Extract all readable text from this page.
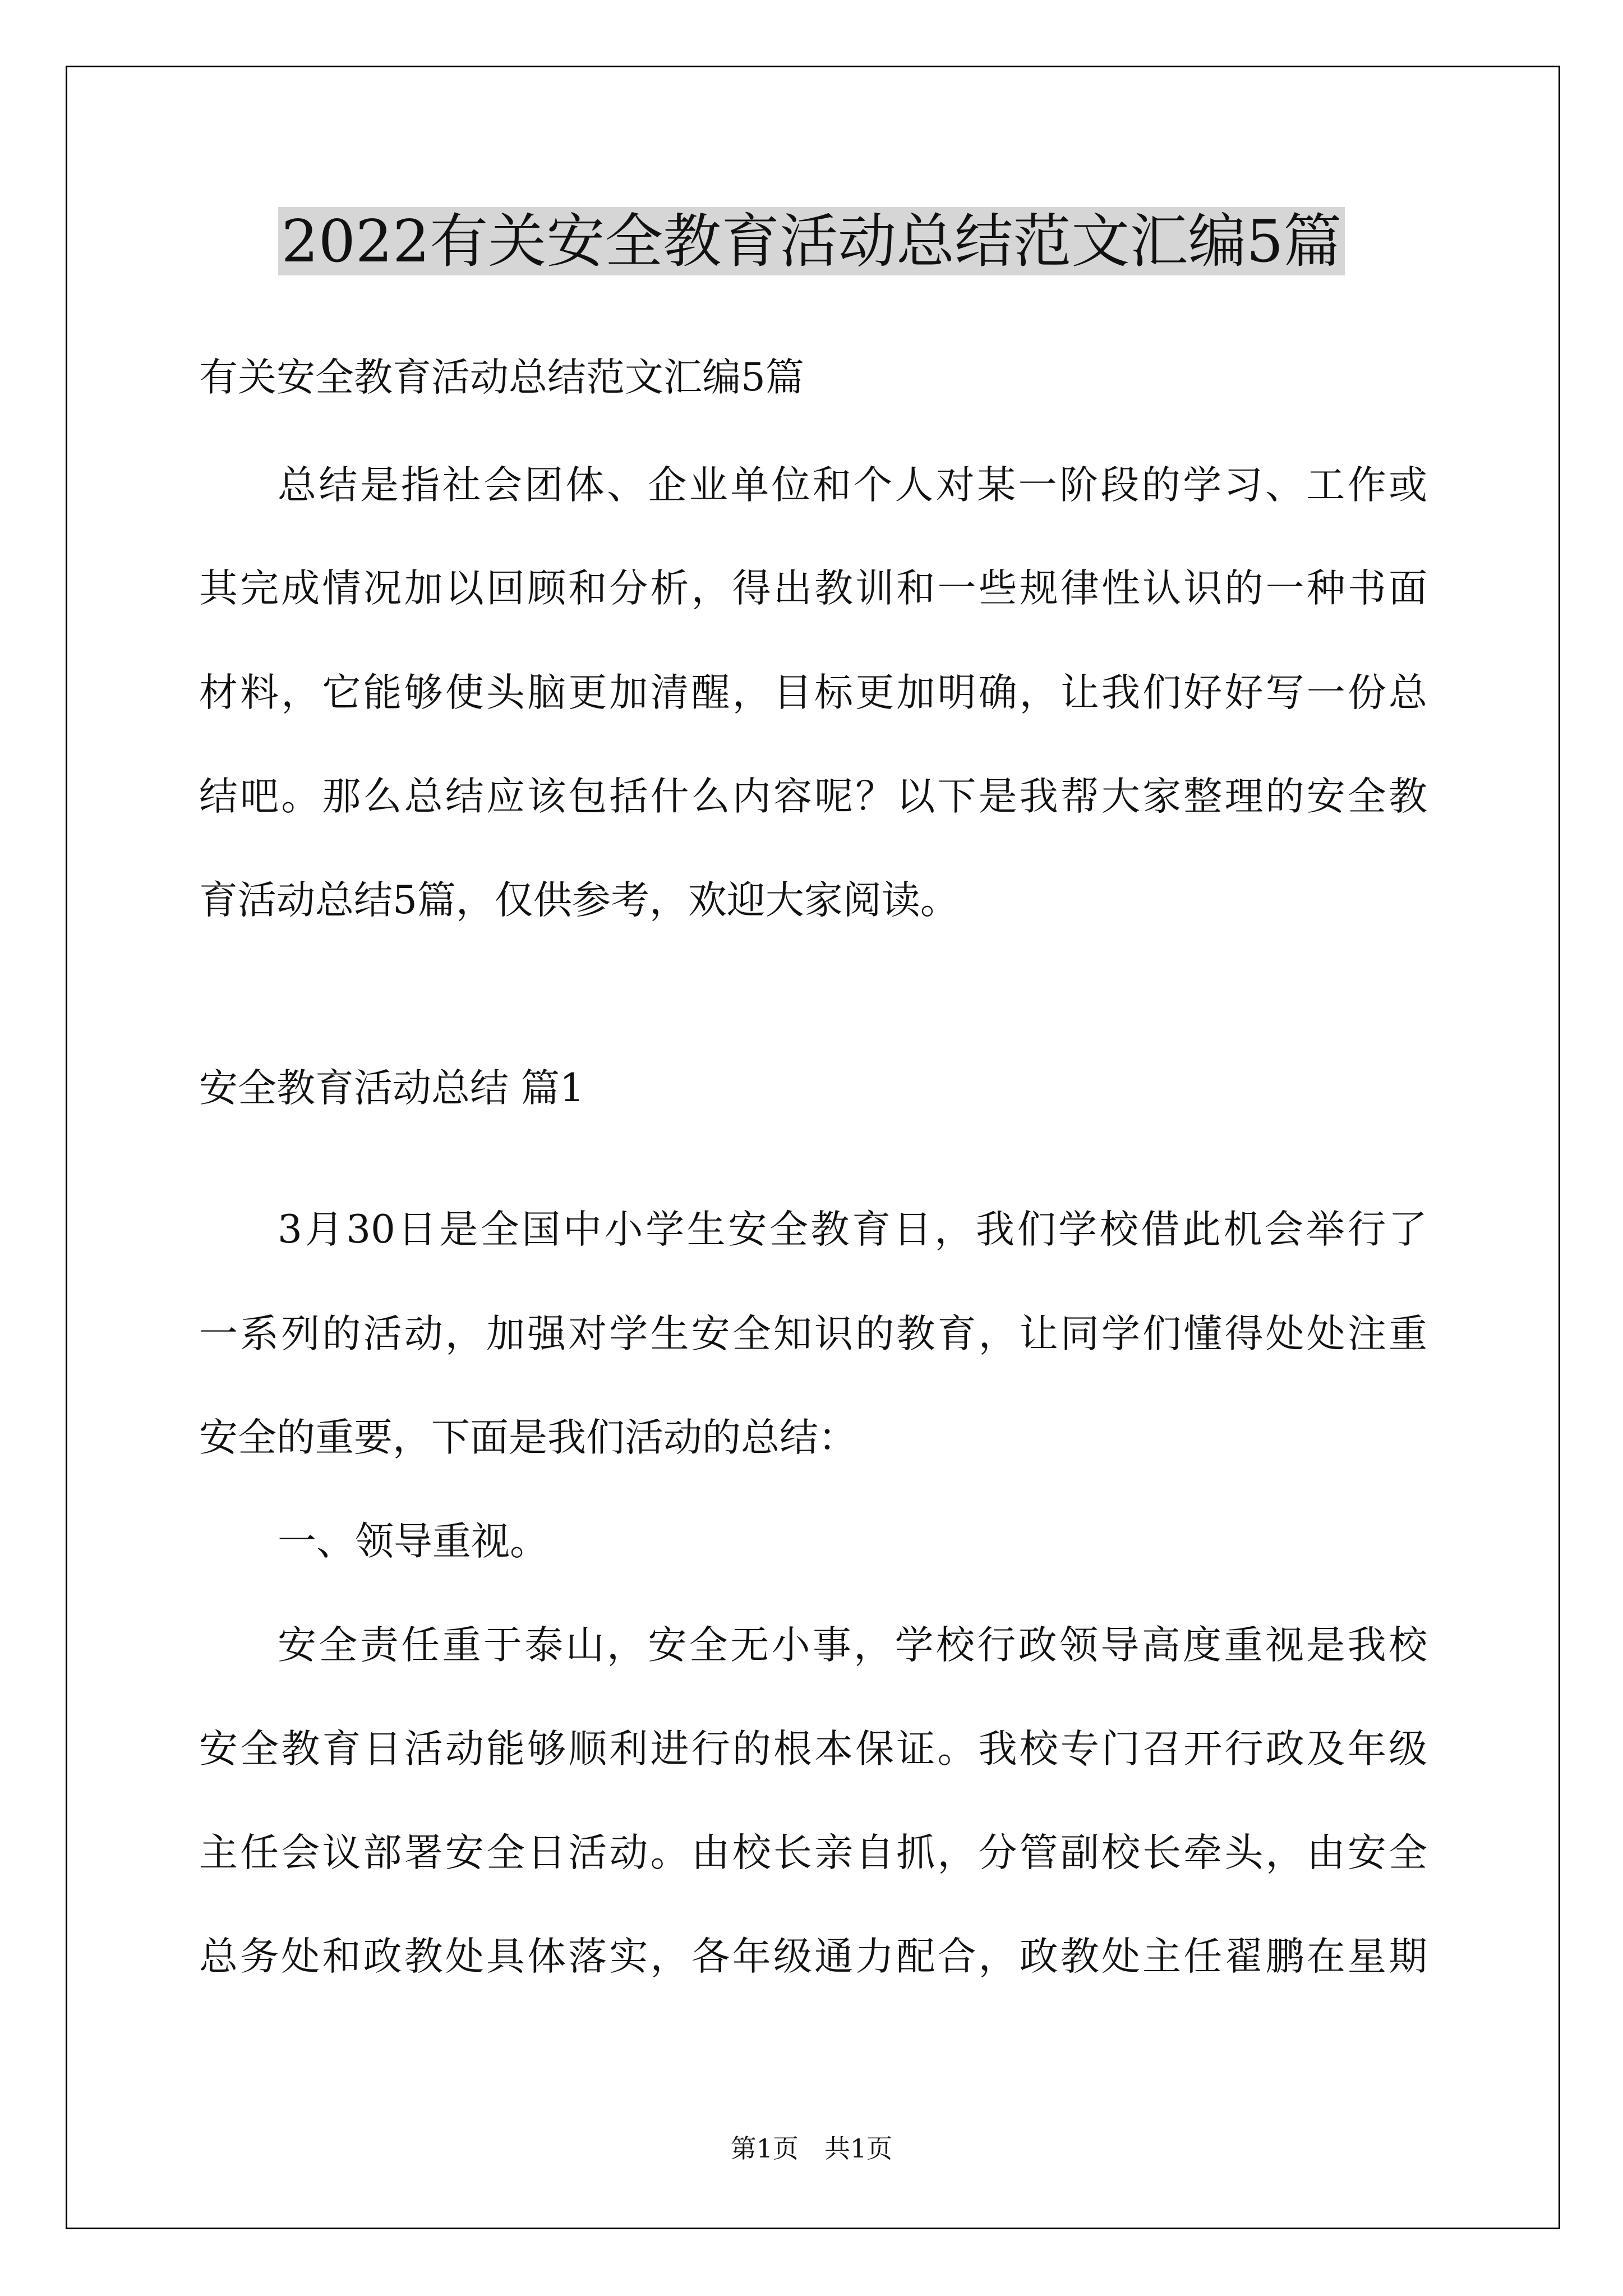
2022有关安全教育活动总结范文汇编5篇
有关安全教育活动总结范文汇编5篇
总结是指社会团体、企业单位和个人对某一阶段的学习、工作或
其完成情况加以回顾和分析，得出教训和一些规律性认识的一种书面
材料，它能够使头脑更加清醒，目标更加明确，让我们好好写一份总
结吧。那么总结应该包括什么内容呢？以下是我帮大家整理的安全教
育活动总结5篇，仅供参考，欢迎大家阅读。
安全教育活动总结 篇1
3月30日是全国中小学生安全教育日，我们学校借此机会举行了
一系列的活动，加强对学生安全知识的教育，让同学们懂得处处注重
安全的重要，下面是我们活动的总结：
一、领导重视。
安全责任重于泰山，安全无小事，学校行政领导高度重视是我校
安全教育日活动能够顺利进行的根本保证。我校专门召开行政及年级
主任会议部署安全日活动。由校长亲自抓，分管副校长牵头，由安全
总务处和政教处具体落实，各年级通力配合，政教处主任翟鹏在星期
第1页　共1页
